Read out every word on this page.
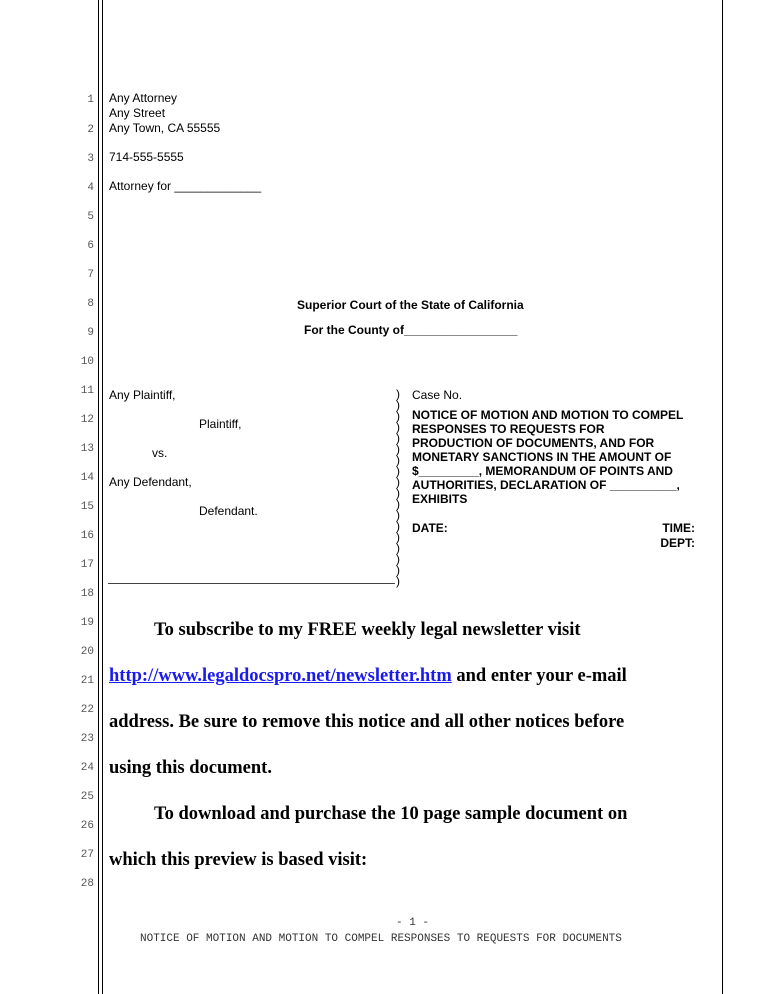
1
2
3
4
5
6
7
8
9
10
11
12
13
14
15
16
17
18
19
20
21
22
23
24
25
26
27
28
Any Attorney
Any Street
Any Town, CA 55555
714-555-5555
Attorney for _____________
Superior Court of the State of California
For the County of_________________
Any Plaintiff,
Plaintiff,
vs.
Any Defendant,
Defendant.
)
)
)
)
)
)
)
)
)
)
)
)
)
)
)
)
)
)
Case No.
NOTICE OF MOTION AND MOTION TO COMPEL
RESPONSES TO REQUESTS FOR
PRODUCTION OF DOCUMENTS, AND FOR
MONETARY SANCTIONS IN THE AMOUNT OF
$_________, MEMORANDUM OF POINTS AND
AUTHORITIES, DECLARATION OF __________,
EXHIBITS
DATE:	TIME:
DEPT:
To subscribe to my FREE weekly legal newsletter visit
http://www.legaldocspro.net/newsletter.htm and enter your e-mail
address. Be sure to remove this notice and all other notices before
using this document.
To download and purchase the 10 page sample document on
which this preview is based visit:
- 1 -
NOTICE OF MOTION AND MOTION TO COMPEL RESPONSES TO REQUESTS FOR DOCUMENTS
